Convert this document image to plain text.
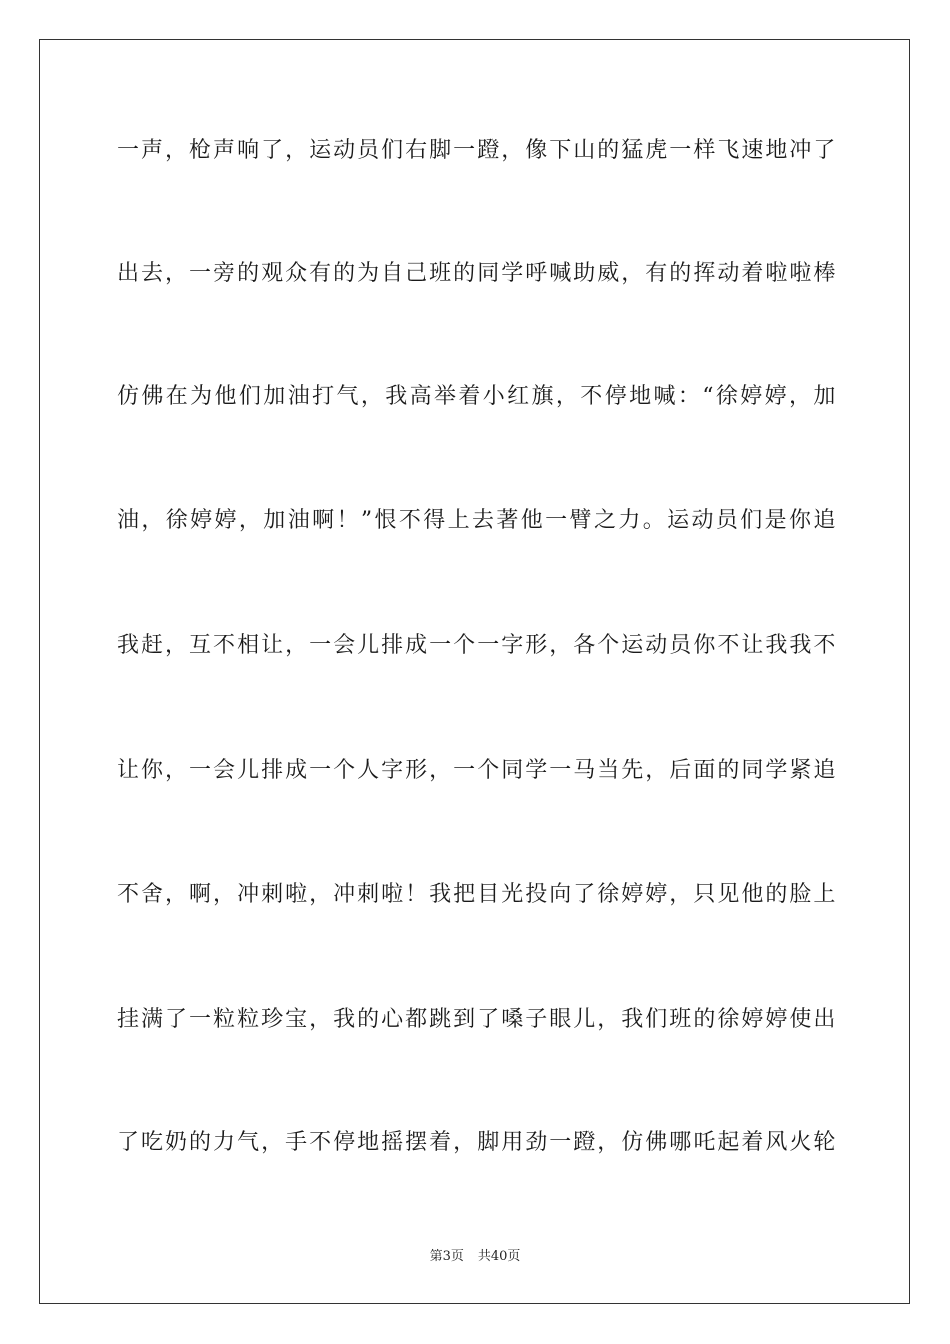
一声，枪声响了，运动员们右脚一蹬，像下山的猛虎一样飞速地冲了
出去，一旁的观众有的为自己班的同学呼喊助威，有的挥动着啦啦棒
仿佛在为他们加油打气，我高举着小红旗，不停地喊：“徐婷婷，加
油，徐婷婷，加油啊！”恨不得上去著他一臂之力。运动员们是你追
我赶，互不相让，一会儿排成一个一字形，各个运动员你不让我我不
让你，一会儿排成一个人字形，一个同学一马当先，后面的同学紧追
不舍，啊，冲刺啦，冲刺啦！我把目光投向了徐婷婷，只见他的脸上
挂满了一粒粒珍宝，我的心都跳到了嗓子眼儿，我们班的徐婷婷使出
了吃奶的力气，手不停地摇摆着，脚用劲一蹬，仿佛哪吒起着风火轮
第3页 共40页
